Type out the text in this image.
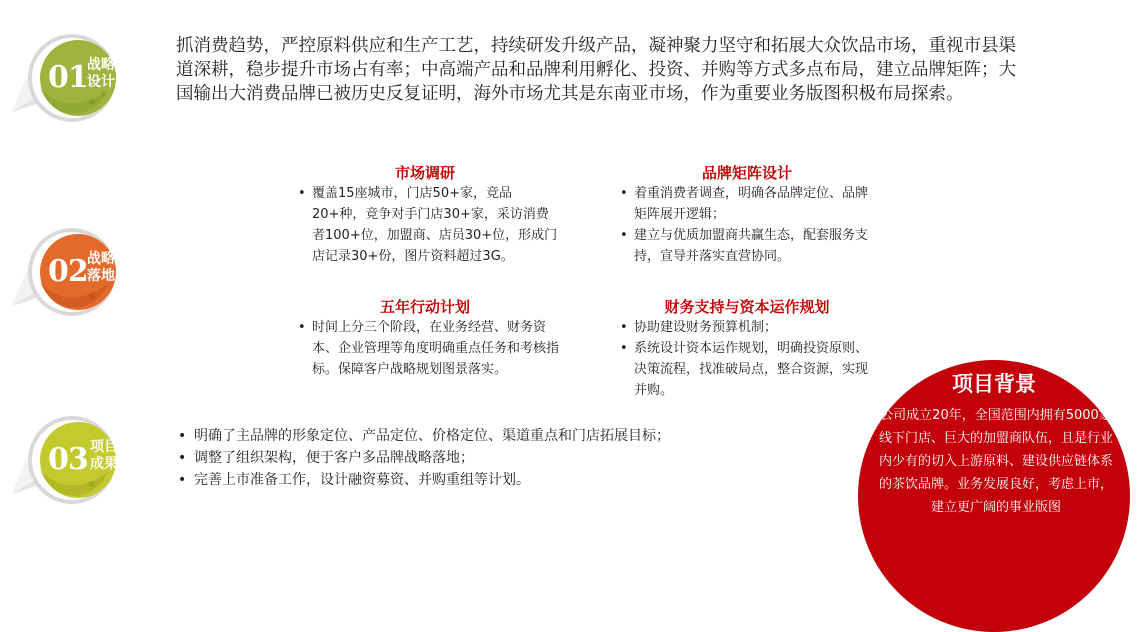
01 战略设计
02 战略落地
03 项目成果
抓消费趋势，严控原料供应和生产工艺，持续研发升级产品，凝神聚力坚守和拓展大众饮品市场，重视市县渠道深耕，稳步提升市场占有率；中高端产品和品牌利用孵化、投资、并购等方式多点布局，建立品牌矩阵；大国输出大消费品牌已被历史反复证明，海外市场尤其是东南亚市场，作为重要业务版图积极布局探索。
市场调研
• 覆盖15座城市，门店50+家，竞品20+种，竞争对手门店30+家，采访消费者100+位，加盟商、店员30+位，形成门店记录30+份，图片资料超过3G。
品牌矩阵设计
• 着重消费者调查，明确各品牌定位、品牌矩阵展开逻辑；
• 建立与优质加盟商共赢生态，配套服务支持，宣导并落实直营协同。
五年行动计划
• 时间上分三个阶段，在业务经营、财务资本、企业管理等角度明确重点任务和考核指标。保障客户战略规划图景落实。
财务支持与资本运作规划
• 协助建设财务预算机制；
• 系统设计资本运作规划，明确投资原则、决策流程，找准破局点，整合资源，实现并购。
• 明确了主品牌的形象定位、产品定位、价格定位、渠道重点和门店拓展目标；
• 调整了组织架构，便于客户多品牌战略落地；
• 完善上市准备工作，设计融资募资、并购重组等计划。
项目背景
公司成立20年，全国范围内拥有5000家线下门店、巨大的加盟商队伍，且是行业内少有的切入上游原料、建设供应链体系的茶饮品牌。业务发展良好，考虑上市，建立更广阔的事业版图
